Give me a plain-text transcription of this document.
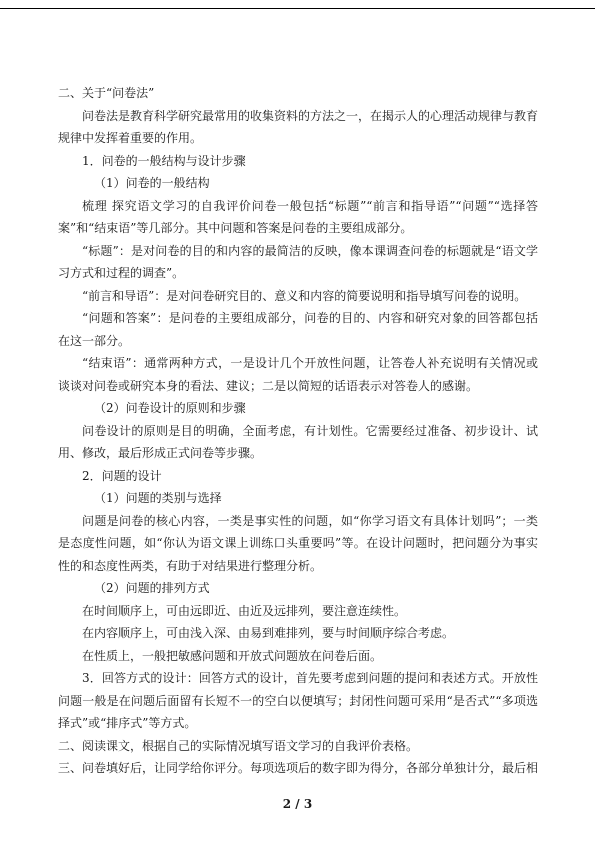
二、关于“问卷法”

问卷法是教育科学研究最常用的收集资料的方法之一，在揭示人的心理活动规律与教育规律中发挥着重要的作用。

1．问卷的一般结构与设计步骤

（1）问卷的一般结构

梳理 探究语文学习的自我评价问卷一般包括“标题”“前言和指导语”“问题”“选择答案”和“结束语”等几部分。其中问题和答案是问卷的主要组成部分。

“标题”：是对问卷的目的和内容的最简洁的反映，像本课调查问卷的标题就是“语文学习方式和过程的调查”。

“前言和导语”：是对问卷研究目的、意义和内容的简要说明和指导填写问卷的说明。

“问题和答案”：是问卷的主要组成部分，问卷的目的、内容和研究对象的回答都包括在这一部分。

“结束语”：通常两种方式，一是设计几个开放性问题，让答卷人补充说明有关情况或谈谈对问卷或研究本身的看法、建议；二是以简短的话语表示对答卷人的感谢。

（2）问卷设计的原则和步骤

问卷设计的原则是目的明确，全面考虑，有计划性。它需要经过准备、初步设计、试用、修改，最后形成正式问卷等步骤。

2．问题的设计

（1）问题的类别与选择

问题是问卷的核心内容，一类是事实性的问题，如“你学习语文有具体计划吗”；一类是态度性问题，如“你认为语文课上训练口头重要吗”等。在设计问题时，把问题分为事实性的和态度性两类，有助于对结果进行整理分析。

（2）问题的排列方式

在时间顺序上，可由远即近、由近及远排列，要注意连续性。

在内容顺序上，可由浅入深、由易到难排列，要与时间顺序综合考虑。

在性质上，一般把敏感问题和开放式问题放在问卷后面。

3．回答方式的设计：回答方式的设计，首先要考虑到问题的提问和表述方式。开放性问题一般是在问题后面留有长短不一的空白以便填写；封闭性问题可采用“是否式”“多项选择式”或“排序式”等方式。

二、阅读课文，根据自己的实际情况填写语文学习的自我评价表格。

三、问卷填好后，让同学给你评分。每项选项后的数字即为得分，各部分单独计分，最后相

2 / 3
